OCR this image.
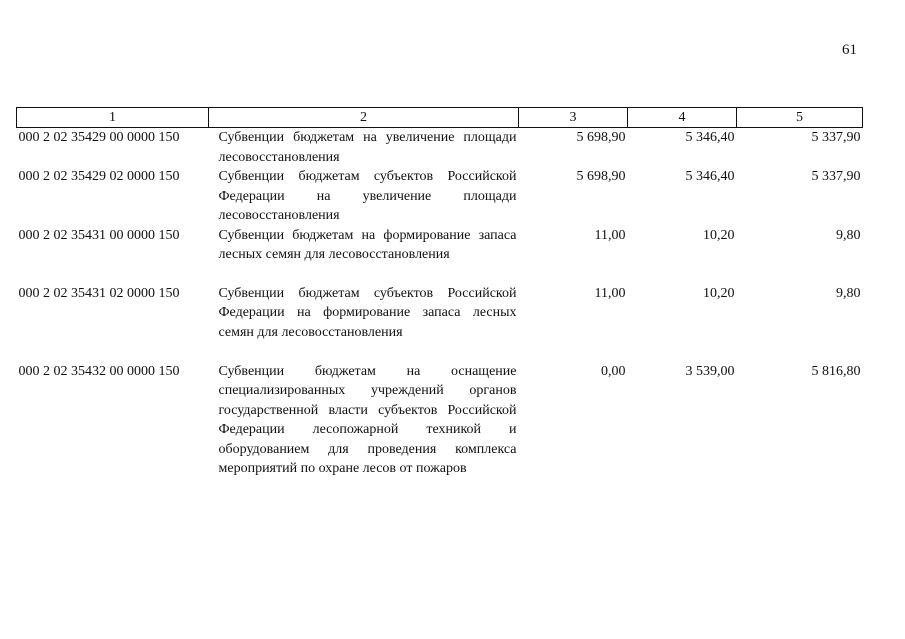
61
1	2	3	4	5
000 2 02 35429 00 0000 150	Субвенции бюджетам на увеличение площади лесовосстановления	5 698,90	5 346,40	5 337,90
000 2 02 35429 02 0000 150	Субвенции бюджетам субъектов Российской Федерации на увеличение площади лесовосстановления	5 698,90	5 346,40	5 337,90
000 2 02 35431 00 0000 150	Субвенции бюджетам на формирование запаса лесных семян для лесовосстановления	11,00	10,20	9,80
000 2 02 35431 02 0000 150	Субвенции бюджетам субъектов Российской Федерации на формирование запаса лесных семян для лесовосстановления	11,00	10,20	9,80
000 2 02 35432 00 0000 150	Субвенции бюджетам на оснащение специализированных учреждений органов государственной власти субъектов Российской Федерации лесопожарной техникой и оборудованием для проведения комплекса мероприятий по охране лесов от пожаров	0,00	3 539,00	5 816,80
